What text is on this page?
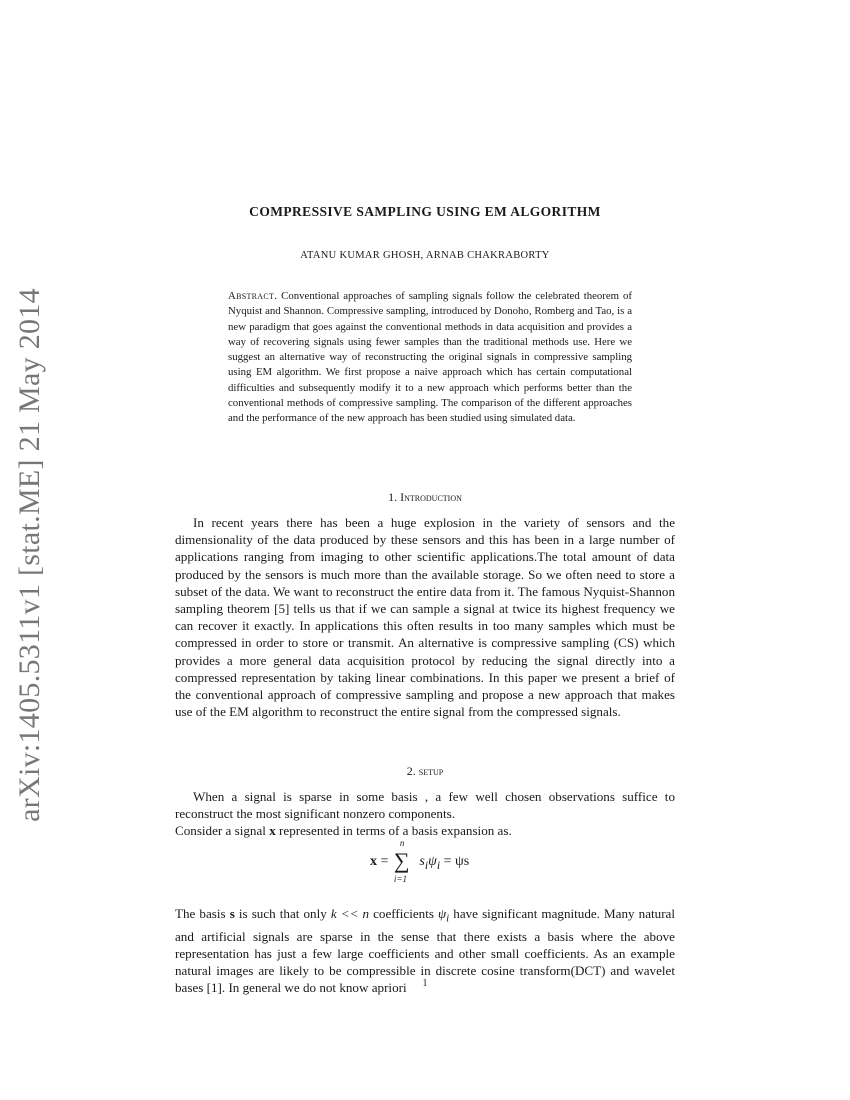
arXiv:1405.5311v1 [stat.ME] 21 May 2014
COMPRESSIVE SAMPLING USING EM ALGORITHM

ATANU KUMAR GHOSH, ARNAB CHAKRABORTY

Abstract. Conventional approaches of sampling signals follow the celebrated theorem of Nyquist and Shannon. Compressive sampling, introduced by Donoho, Romberg and Tao, is a new paradigm that goes against the conventional methods in data acquisition and provides a way of recovering signals using fewer samples than the traditional methods use. Here we suggest an alternative way of reconstructing the original signals in compressive sampling using EM algorithm. We first propose a naive approach which has certain computational difficulties and subsequently modify it to a new approach which performs better than the conventional methods of compressive sampling. The comparison of the different approaches and the performance of the new approach has been studied using simulated data.

1. Introduction

In recent years there has been a huge explosion in the variety of sensors and the dimensionality of the data produced by these sensors and this has been in a large number of applications ranging from imaging to other scientific applications.The total amount of data produced by the sensors is much more than the available storage. So we often need to store a subset of the data. We want to reconstruct the entire data from it. The famous Nyquist-Shannon sampling theorem [5] tells us that if we can sample a signal at twice its highest frequency we can recover it exactly. In applications this often results in too many samples which must be compressed in order to store or transmit. An alternative is compressive sampling (CS) which provides a more general data acquisition protocol by reducing the signal directly into a compressed representation by taking linear combinations. In this paper we present a brief of the conventional approach of compressive sampling and propose a new approach that makes use of the EM algorithm to reconstruct the entire signal from the compressed signals.

2. setup

When a signal is sparse in some basis , a few well chosen observations suffice to reconstruct the most significant nonzero components.

Consider a signal x represented in terms of a basis expansion as.

x =
n
∑
i=1
$s_i\psi_i = \psi s$

The basis s is such that only k << n coefficients $\psi_i$ have significant magnitude. Many natural and artificial signals are sparse in the sense that there exists a basis where the above representation has just a few large coefficients and other small coefficients. As an example natural images are likely to be compressible in discrete cosine transform(DCT) and wavelet bases [1]. In general we do not know apriori	1
